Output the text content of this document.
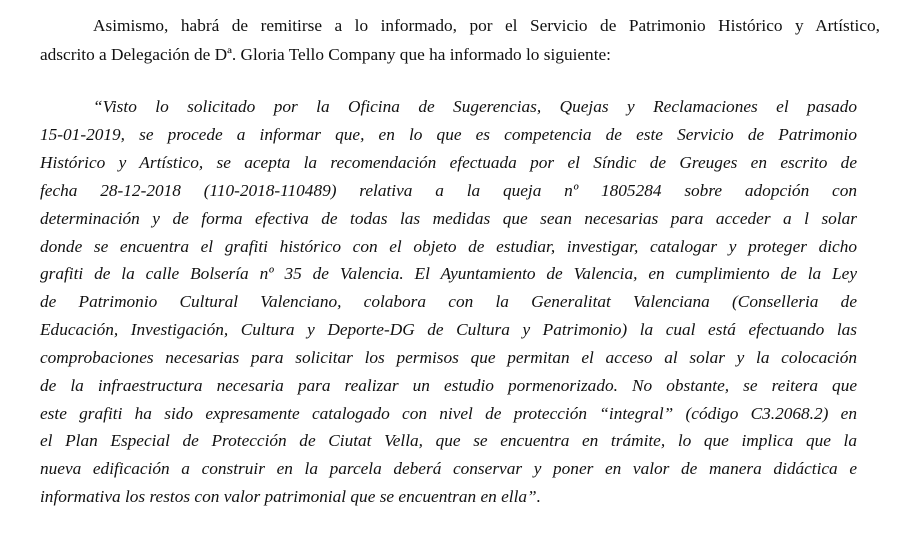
Asimismo, habrá de remitirse a lo informado, por el Servicio de Patrimonio Histórico y Artístico,

adscrito a Delegación de Dª. Gloria Tello Company que ha informado lo siguiente:

“Visto lo solicitado por la Oficina de Sugerencias, Quejas y Reclamaciones el pasado

15-01-2019, se procede a informar que, en lo que es competencia de este Servicio de Patrimonio

Histórico y Artístico, se acepta la recomendación efectuada por el Síndic de Greuges en escrito de

fecha 28-12-2018 (110-2018-110489) relativa a la queja nº 1805284 sobre adopción con

determinación y de forma efectiva de todas las medidas que sean necesarias para acceder a l solar

donde se encuentra el grafiti histórico con el objeto de estudiar, investigar, catalogar y proteger dicho

grafiti de la calle Bolsería nº 35 de Valencia. El Ayuntamiento de Valencia, en cumplimiento de la Ley

de Patrimonio Cultural Valenciano, colabora con la Generalitat Valenciana (Conselleria de

Educación, Investigación, Cultura y Deporte-DG de Cultura y Patrimonio) la cual está efectuando las

comprobaciones necesarias para solicitar los permisos que permitan el acceso al solar y la colocación

de la infraestructura necesaria para realizar un estudio pormenorizado. No obstante, se reitera que

este grafiti ha sido expresamente catalogado con nivel de protección “integral” (código C3.2068.2) en

el Plan Especial de Protección de Ciutat Vella, que se encuentra en trámite, lo que implica que la

nueva edificación a construir en la parcela deberá conservar y poner en valor de manera didáctica e

informativa los restos con valor patrimonial que se encuentran en ella”.
